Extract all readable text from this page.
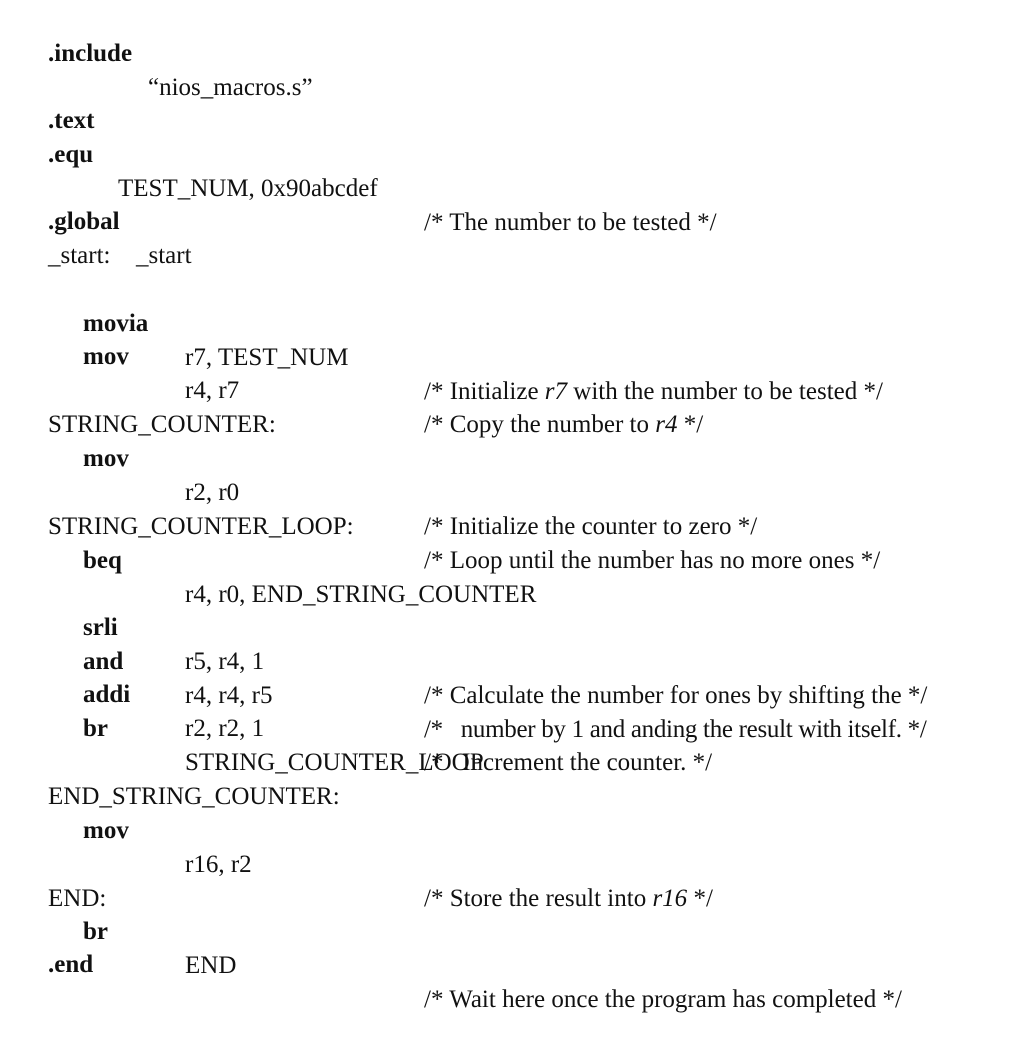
.include

“nios_macros.s”

.text

.equ

TEST_NUM, 0x90abcdef

/* The number to be tested */

.global

_start

_start:

movia

r7, TEST_NUM

/* Initialize r7 with the number to be tested */

mov

r4, r7

/* Copy the number to r4 */

STRING_COUNTER:

mov

r2, r0

/* Initialize the counter to zero */

STRING_COUNTER_LOOP:

/* Loop until the number has no more ones */

beq

r4, r0, END_STRING_COUNTER

srli

r5, r4, 1

/* Calculate the number for ones by shifting the */

and

r4, r4, r5

/*   number by 1 and anding the result with itself. */

addi

r2, r2, 1

/*   Increment the counter. */

br

STRING_COUNTER_LOOP

END_STRING_COUNTER:

mov

r16, r2

/* Store the result into r16 */

END:

br

END

/* Wait here once the program has completed */

.end
